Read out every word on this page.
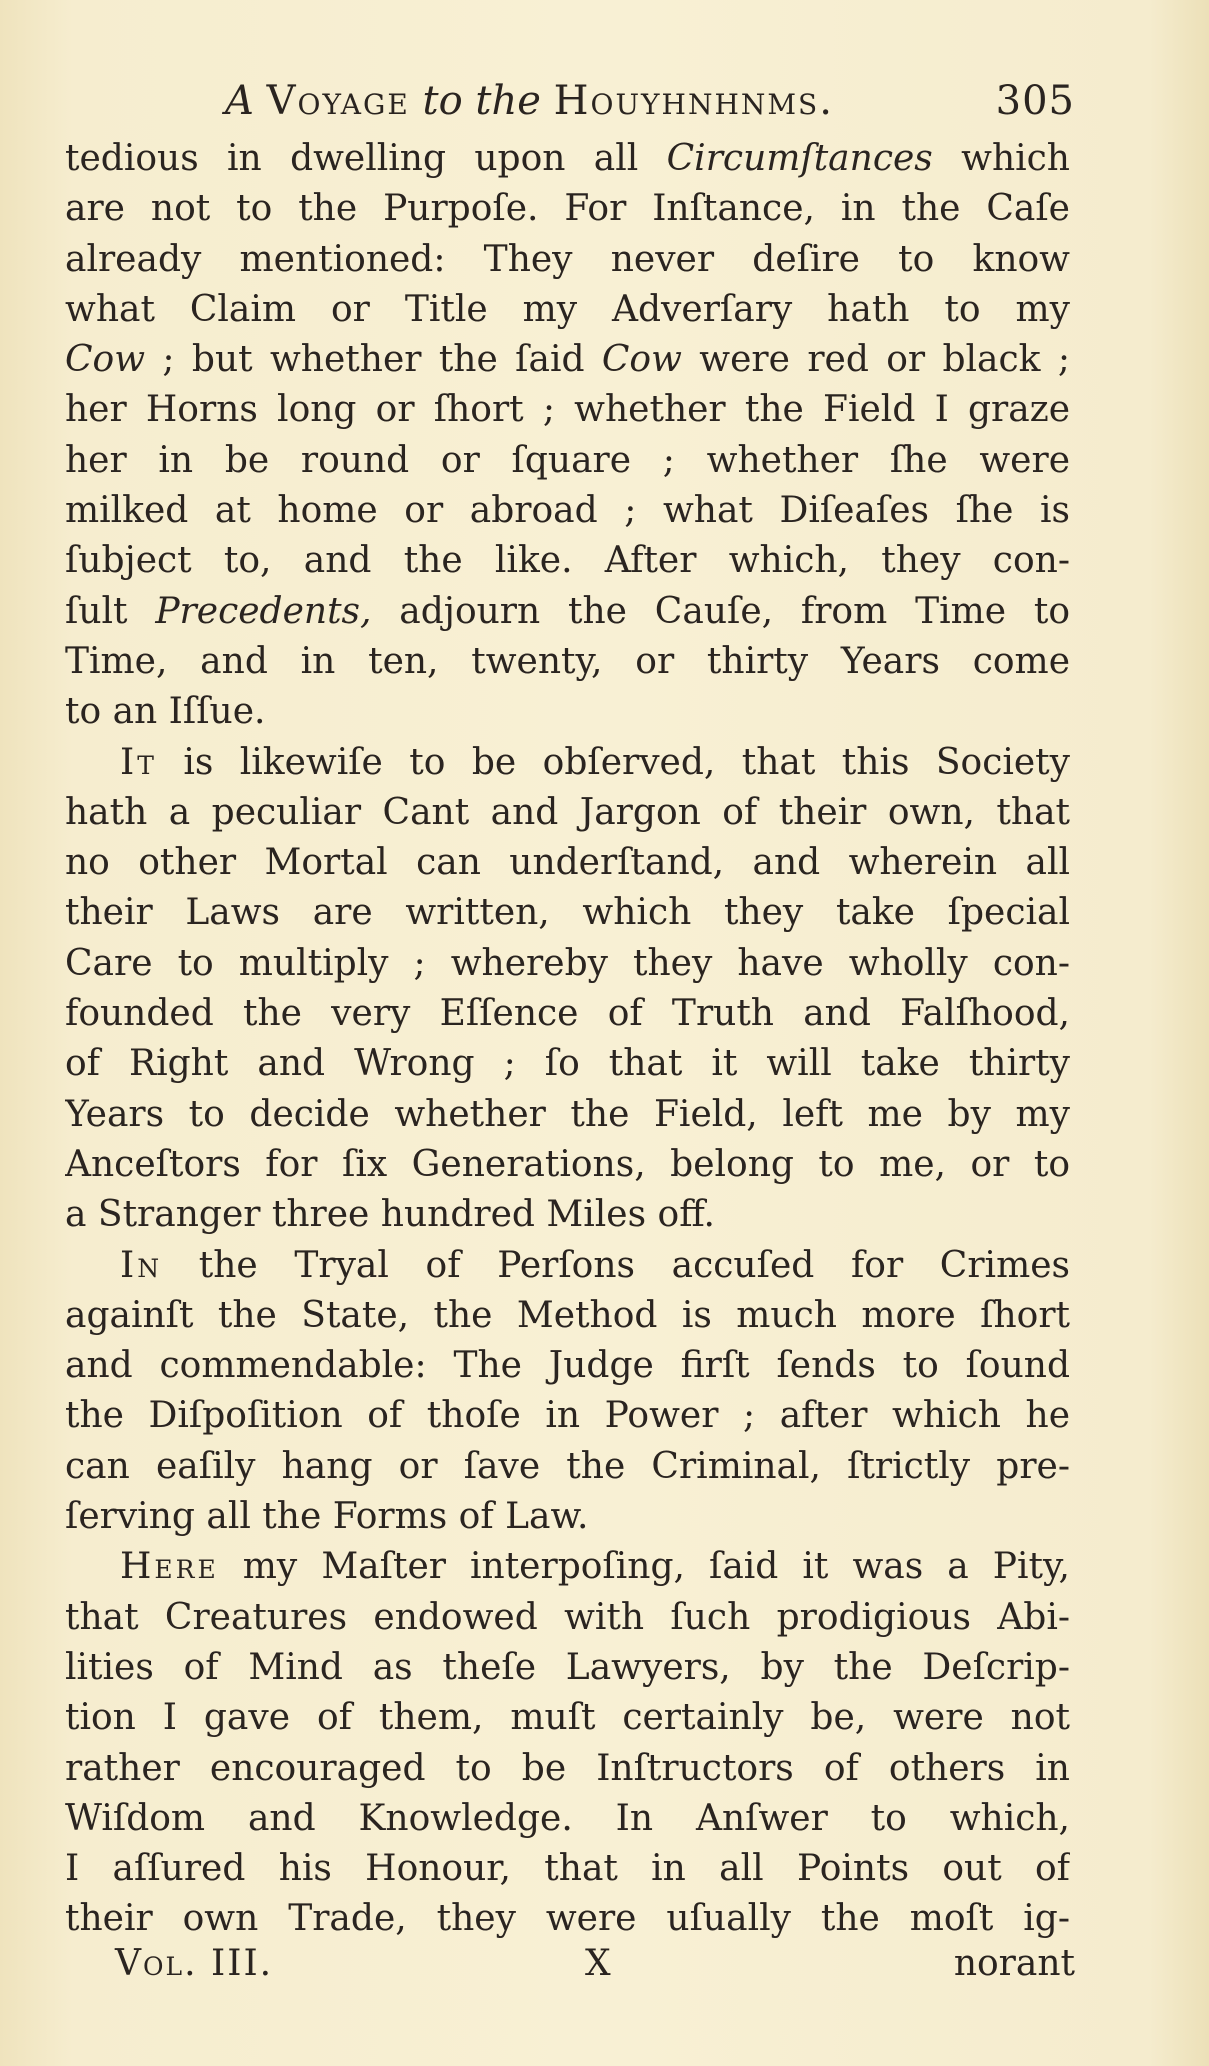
A Voyage to the Houyhnhnms.	305
tedious in dwelling upon all Circumſtances which
are not to the Purpoſe. For Inſtance, in the Caſe
already mentioned: They never deſire to know
what Claim or Title my Adverſary hath to my
Cow ; but whether the ſaid Cow were red or black ;
her Horns long or ſhort ; whether the Field I graze
her in be round or ſquare ; whether ſhe were
milked at home or abroad ; what Diſeaſes ſhe is
ſubject to, and the like. After which, they con-
ſult Precedents, adjourn the Cauſe, from Time to
Time, and in ten, twenty, or thirty Years come
to an Iſſue.
It is likewiſe to be obſerved, that this Society
hath a peculiar Cant and Jargon of their own, that
no other Mortal can underſtand, and wherein all
their Laws are written, which they take ſpecial
Care to multiply ; whereby they have wholly con-
founded the very Eſſence of Truth and Falſhood,
of Right and Wrong ; ſo that it will take thirty
Years to decide whether the Field, left me by my
Anceſtors for ſix Generations, belong to me, or to
a Stranger three hundred Miles off.
In the Tryal of Perſons accuſed for Crimes
againſt the State, the Method is much more ſhort
and commendable: The Judge firſt ſends to ſound
the Diſpoſition of thoſe in Power ; after which he
can eaſily hang or ſave the Criminal, ſtrictly pre-
ſerving all the Forms of Law.
Here my Maſter interpoſing, ſaid it was a Pity,
that Creatures endowed with ſuch prodigious Abi-
lities of Mind as theſe Lawyers, by the Deſcrip-
tion I gave of them, muſt certainly be, were not
rather encouraged to be Inſtructors of others in
Wiſdom and Knowledge. In Anſwer to which,
I aſſured his Honour, that in all Points out of
their own Trade, they were uſually the moſt ig-
Vol. III.	X	norant
